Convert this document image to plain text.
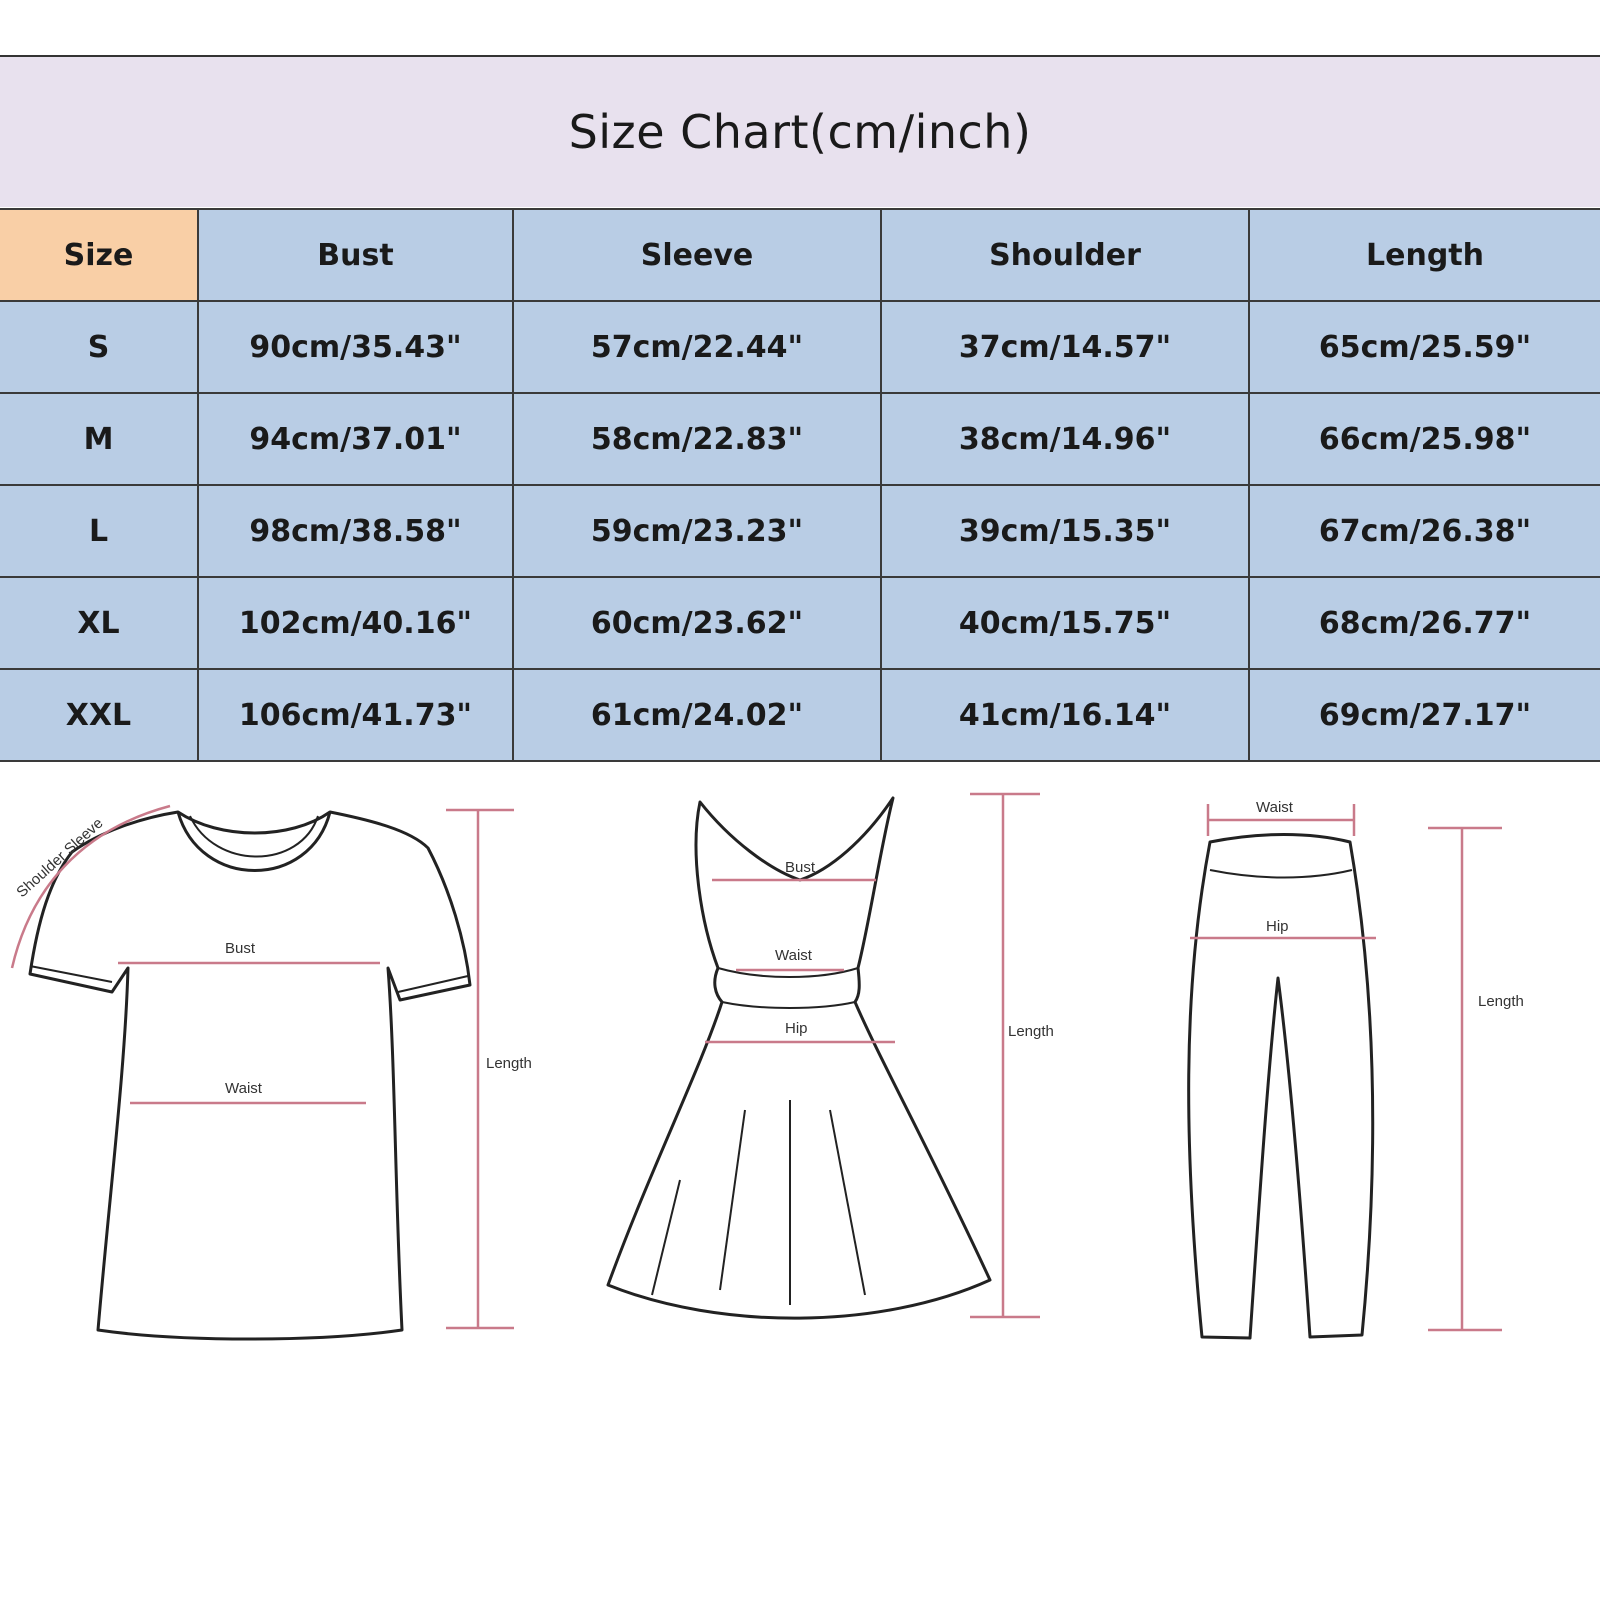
Size Chart(cm/inch)
Size	Bust	Sleeve	Shoulder	Length
S	90cm/35.43"	57cm/22.44"	37cm/14.57"	65cm/25.59"
M	94cm/37.01"	58cm/22.83"	38cm/14.96"	66cm/25.98"
L	98cm/38.58"	59cm/23.23"	39cm/15.35"	67cm/26.38"
XL	102cm/40.16"	60cm/23.62"	40cm/15.75"	68cm/26.77"
XXL	106cm/41.73"	61cm/24.02"	41cm/16.14"	69cm/27.17"
Shoulder Sleeve
Bust
Waist
Length
Bust
Waist
Hip	Length
Waist
Hip
Length
